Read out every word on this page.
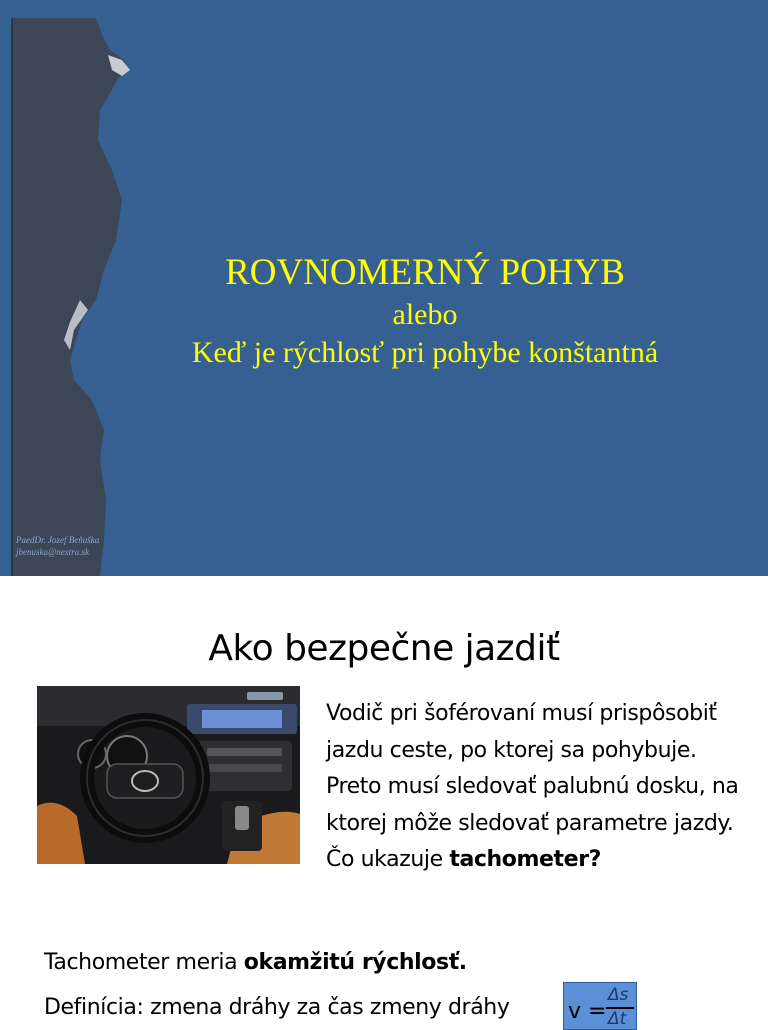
ROVNOMERNÝ POHYB
alebo
Keď je rýchlosť pri pohybe konštantná
PaedDr. Jozef Beňuška
jbenuska@nextra.sk
Ako bezpečne jazdiť
Vodič pri šoférovaní musí prispôsobiť jazdu ceste, po ktorej sa pohybuje. Preto musí sledovať palubnú dosku, na ktorej môže sledovať parametre jazdy. Čo ukazuje tachometer?
Tachometer meria okamžitú rýchlosť.
Definícia: zmena dráhy za čas zmeny dráhy	v =
Δs
Δt
